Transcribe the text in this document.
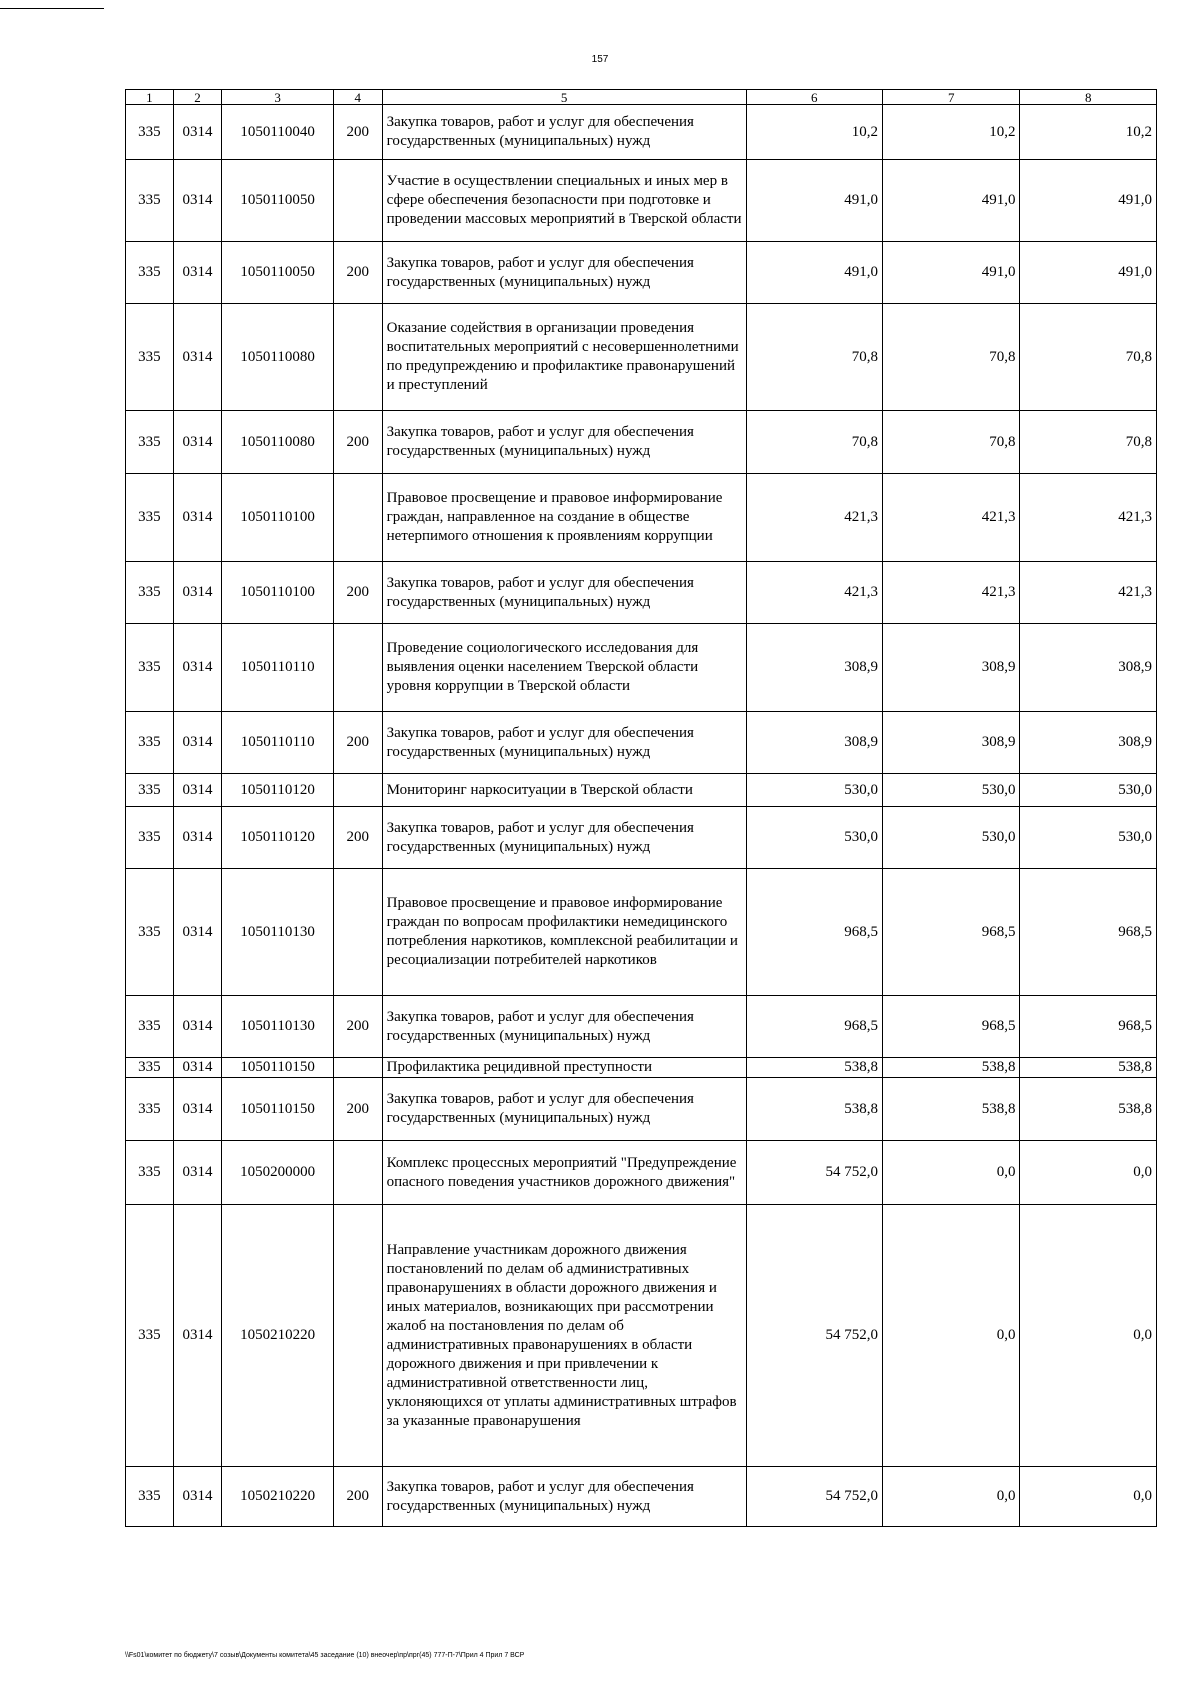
157
1	2	3	4	5	6	7	8
335	0314	1050110040	200	Закупка товаров, работ и услуг для обеспечения государственных (муниципальных) нужд	10,2	10,2	10,2
335	0314	1050110050		Участие в осуществлении специальных и иных мер в сфере обеспечения безопасности при подготовке и проведении массовых мероприятий в Тверской области	491,0	491,0	491,0
335	0314	1050110050	200	Закупка товаров, работ и услуг для обеспечения государственных (муниципальных) нужд	491,0	491,0	491,0
335	0314	1050110080		Оказание содействия в организации проведения воспитательных мероприятий с несовершеннолетними по предупреждению и профилактике правонарушений и преступлений	70,8	70,8	70,8
335	0314	1050110080	200	Закупка товаров, работ и услуг для обеспечения государственных (муниципальных) нужд	70,8	70,8	70,8
335	0314	1050110100		Правовое просвещение и правовое информирование граждан, направленное на создание в обществе нетерпимого отношения к проявлениям коррупции	421,3	421,3	421,3
335	0314	1050110100	200	Закупка товаров, работ и услуг для обеспечения государственных (муниципальных) нужд	421,3	421,3	421,3
335	0314	1050110110		Проведение социологического исследования для выявления оценки населением Тверской области уровня коррупции в Тверской области	308,9	308,9	308,9
335	0314	1050110110	200	Закупка товаров, работ и услуг для обеспечения государственных (муниципальных) нужд	308,9	308,9	308,9
335	0314	1050110120		Мониторинг наркоситуации в Тверской области	530,0	530,0	530,0
335	0314	1050110120	200	Закупка товаров, работ и услуг для обеспечения государственных (муниципальных) нужд	530,0	530,0	530,0
335	0314	1050110130		Правовое просвещение и правовое информирование граждан по вопросам профилактики немедицинского потребления наркотиков, комплексной реабилитации и ресоциализации потребителей наркотиков	968,5	968,5	968,5
335	0314	1050110130	200	Закупка товаров, работ и услуг для обеспечения государственных (муниципальных) нужд	968,5	968,5	968,5
335	0314	1050110150		Профилактика рецидивной преступности	538,8	538,8	538,8
335	0314	1050110150	200	Закупка товаров, работ и услуг для обеспечения государственных (муниципальных) нужд	538,8	538,8	538,8
335	0314	1050200000		Комплекс процессных мероприятий "Предупреждение опасного поведения участников дорожного движения"	54 752,0	0,0	0,0
335	0314	1050210220		Направление участникам дорожного движения постановлений по делам об административных правонарушениях в области дорожного движения и иных материалов, возникающих при рассмотрении жалоб на постановления по делам об административных правонарушениях в области дорожного движения и при привлечении к административной ответственности лиц, уклоняющихся от уплаты административных штрафов за указанные правонарушения	54 752,0	0,0	0,0
335	0314	1050210220	200	Закупка товаров, работ и услуг для обеспечения государственных (муниципальных) нужд	54 752,0	0,0	0,0
\\Fs01\комитет по бюджету\7 созыв\Документы комитета\45 заседание (10) внеочер\пр\прг(45) 777-П-7\Прил 4 Прил 7 ВСР
